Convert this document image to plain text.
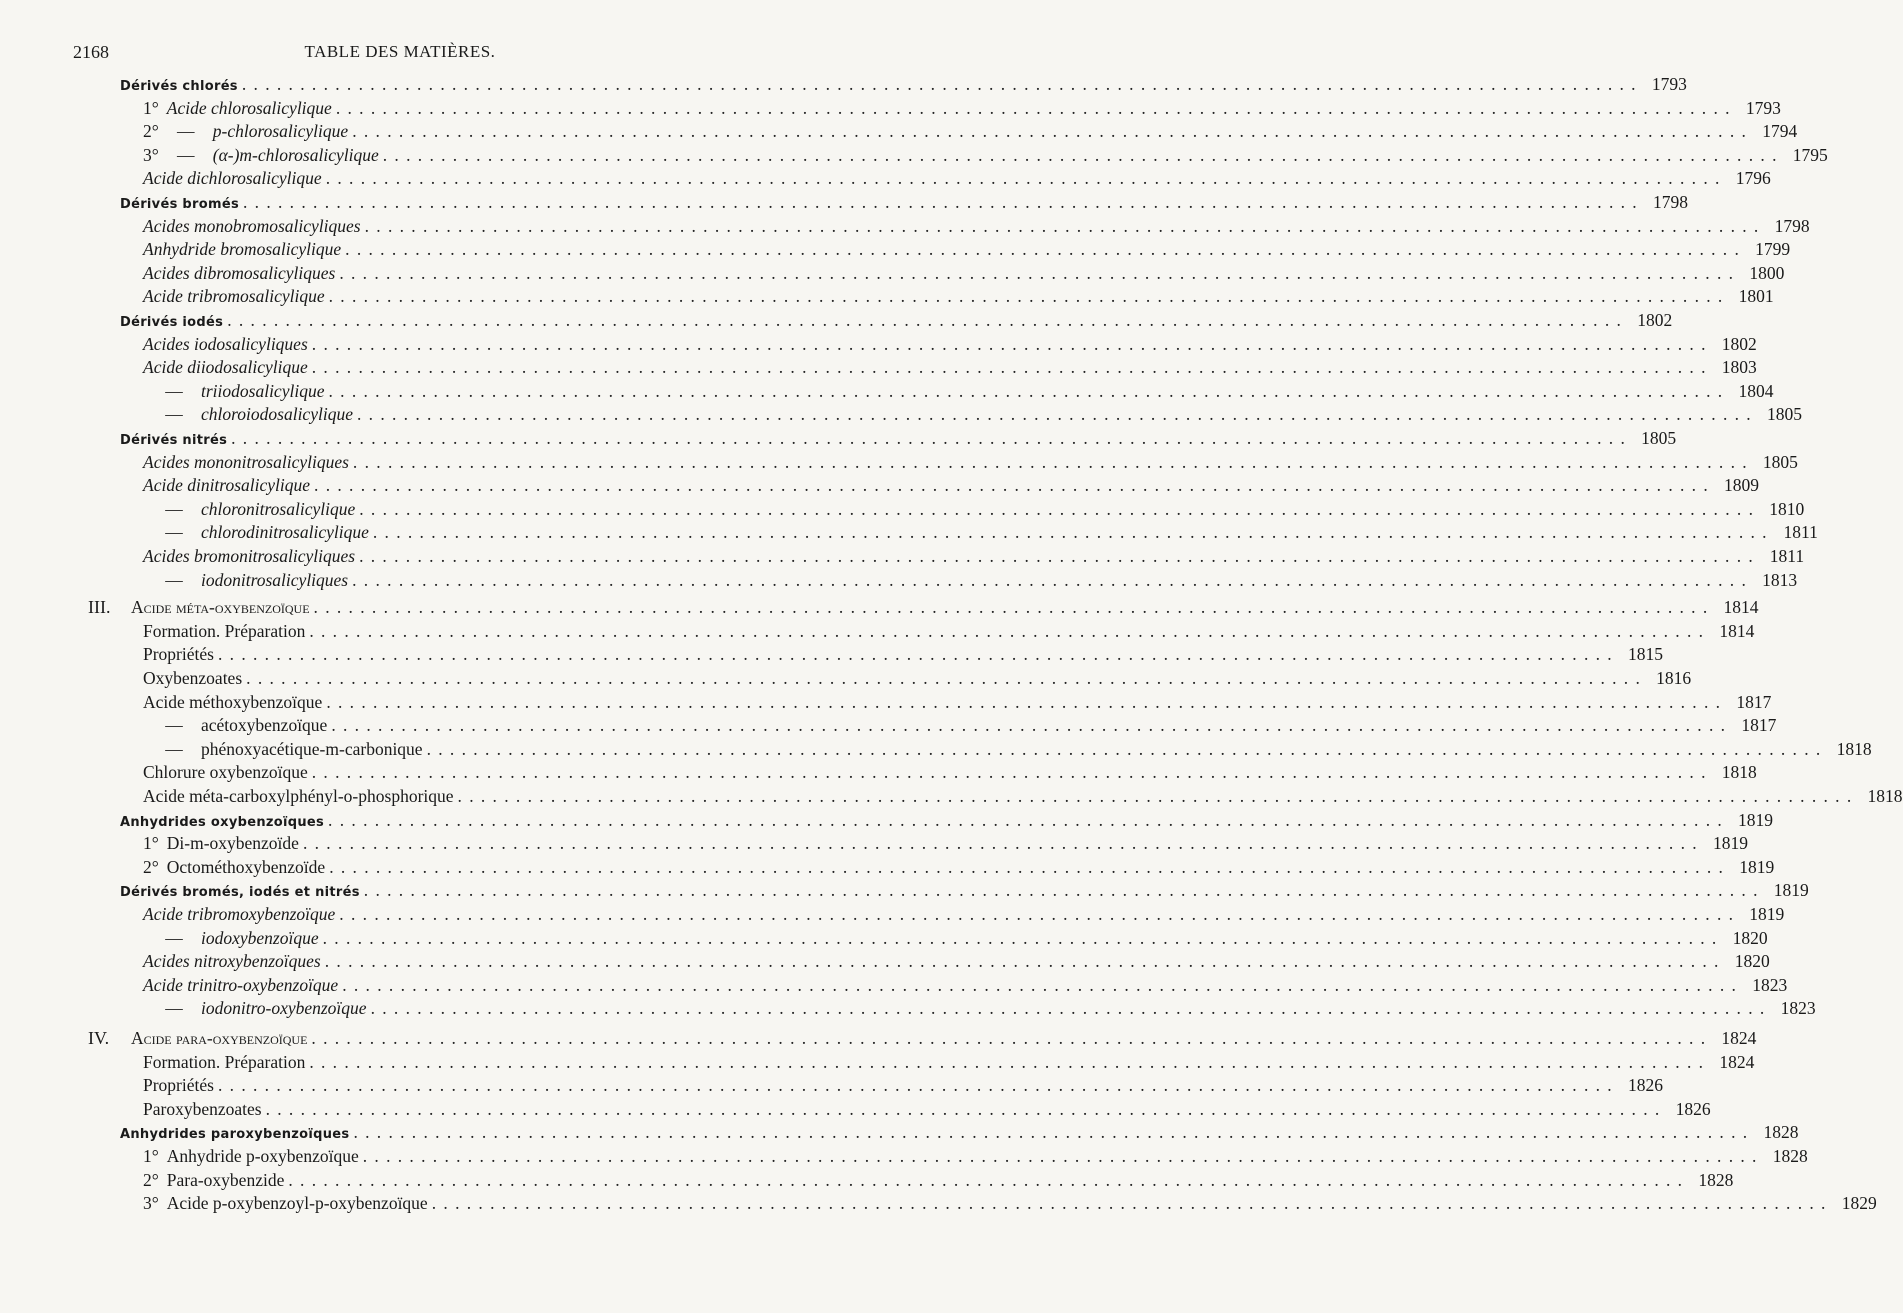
2168	TABLE DES MATIÈRES.
Dérivés chlorés ........................................................................................................................ 1793
1° Acide chlorosalicylique ........................................................................................................................ 1793
2° — p-chlorosalicylique ........................................................................................................................ 1794
3° — (α-)m-chlorosalicylique ........................................................................................................................ 1795
Acide dichlorosalicylique ........................................................................................................................ 1796
Dérivés bromés ........................................................................................................................ 1798
Acides monobromosalicyliques ........................................................................................................................ 1798
Anhydride bromosalicylique ........................................................................................................................ 1799
Acides dibromosalicyliques ........................................................................................................................ 1800
Acide tribromosalicylique ........................................................................................................................ 1801
Dérivés iodés ........................................................................................................................ 1802
Acides iodosalicyliques ........................................................................................................................ 1802
Acide diiodosalicylique ........................................................................................................................ 1803
— triiodosalicylique ........................................................................................................................ 1804
— chloroiodosalicylique ........................................................................................................................ 1805
Dérivés nitrés ........................................................................................................................ 1805
Acides mononitrosalicyliques ........................................................................................................................ 1805
Acide dinitrosalicylique ........................................................................................................................ 1809
— chloronitrosalicylique ........................................................................................................................ 1810
— chlorodinitrosalicylique ........................................................................................................................ 1811
Acides bromonitrosalicyliques ........................................................................................................................ 1811
— iodonitrosalicyliques ........................................................................................................................ 1813
III. Acide méta-oxybenzoïque ........................................................................................................................ 1814
Formation. Préparation ........................................................................................................................ 1814
Propriétés ........................................................................................................................ 1815
Oxybenzoates ........................................................................................................................ 1816
Acide méthoxybenzoïque ........................................................................................................................ 1817
— acétoxybenzoïque ........................................................................................................................ 1817
— phénoxyacétique-m-carbonique ........................................................................................................................ 1818
Chlorure oxybenzoïque ........................................................................................................................ 1818
Acide méta-carboxylphényl-o-phosphorique ........................................................................................................................ 1818
Anhydrides oxybenzoïques ........................................................................................................................ 1819
1° Di-m-oxybenzoïde ........................................................................................................................ 1819
2° Octométhoxybenzoïde ........................................................................................................................ 1819
Dérivés bromés, iodés et nitrés ........................................................................................................................ 1819
Acide tribromoxybenzoïque ........................................................................................................................ 1819
— iodoxybenzoïque ........................................................................................................................ 1820
Acides nitroxybenzoïques ........................................................................................................................ 1820
Acide trinitro-oxybenzoïque ........................................................................................................................ 1823
— iodonitro-oxybenzoïque ........................................................................................................................ 1823
IV. Acide para-oxybenzoïque ........................................................................................................................ 1824
Formation. Préparation ........................................................................................................................ 1824
Propriétés ........................................................................................................................ 1826
Paroxybenzoates ........................................................................................................................ 1826
Anhydrides paroxybenzoïques ........................................................................................................................ 1828
1° Anhydride p-oxybenzoïque ........................................................................................................................ 1828
2° Para-oxybenzide ........................................................................................................................ 1828
3° Acide p-oxybenzoyl-p-oxybenzoïque ........................................................................................................................ 1829
